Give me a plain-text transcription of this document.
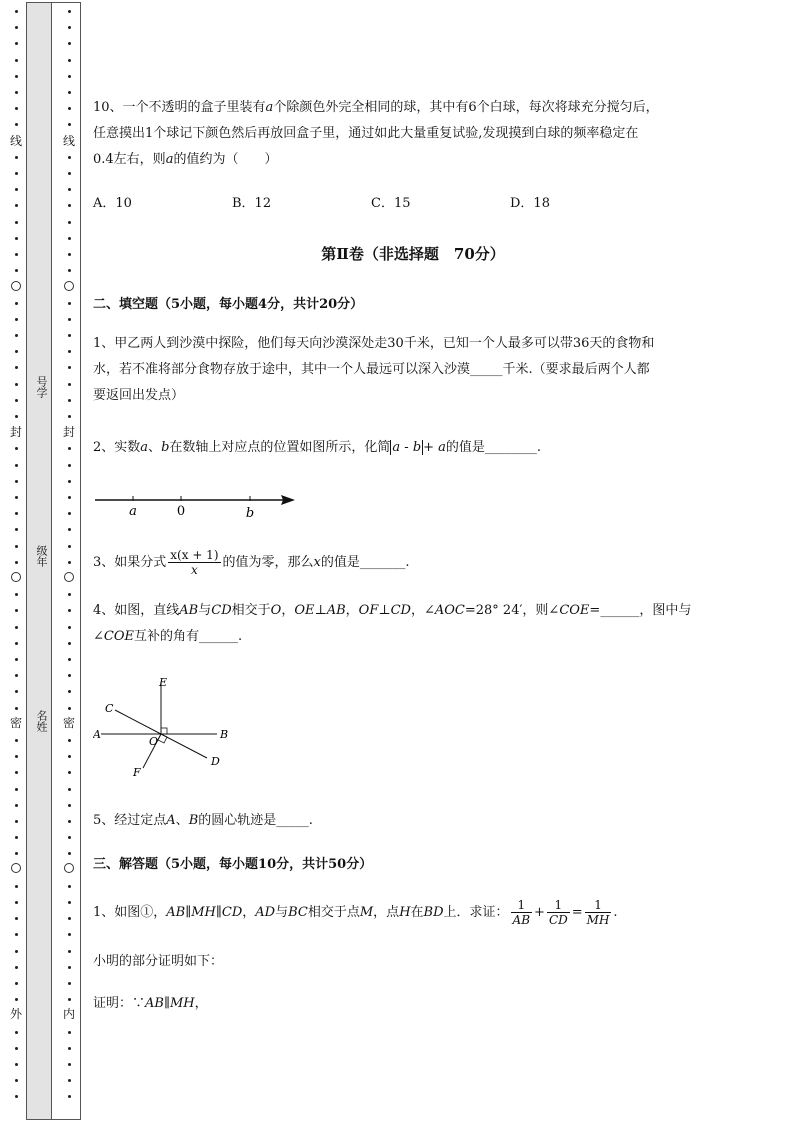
线
封
密
外
线
封
密
内
号学
级年
名姓
10、一个不透明的盒子里装有a个除颜色外完全相同的球，其中有6个白球，每次将球充分搅匀后，
任意摸出1个球记下颜色然后再放回盒子里，通过如此大量重复试验,发现摸到白球的频率稳定在
0.4左右，则a的值约为（　　）
A．10	B．12	C．15	D．18
第Ⅱ卷（非选择题　70分）
二、填空题（5小题，每小题4分，共计20分）
1、甲乙两人到沙漠中探险，他们每天向沙漠深处走30千米，已知一个人最多可以带36天的食物和
水，若不准将部分食物存放于途中，其中一个人最远可以深入沙漠_____千米.（要求最后两个人都
要返回出发点）
2、实数a、b在数轴上对应点的位置如图所示，化简 a - b + a的值是________.
a	0	b
3、如果分式 $\frac{x(x + 1)}{x}$ 的值为零，那么x的值是_______.
4、如图，直线AB与CD相交于O，OE⊥AB，OF⊥CD，∠AOC=28° 24′，则∠COE=______，图中与
∠COE互补的角有______.
E
C
B
A
O
D
F
5、经过定点A、B的圆心轨迹是_____.
三、解答题（5小题，每小题10分，共计50分）
1、如图①，AB∥MH∥CD，AD与BC相交于点M，点H在BD上．求证： $\frac{1}{AB} + \frac{1}{CD} = \frac{1}{MH}$ .
小明的部分证明如下：
证明：∵AB∥MH，
